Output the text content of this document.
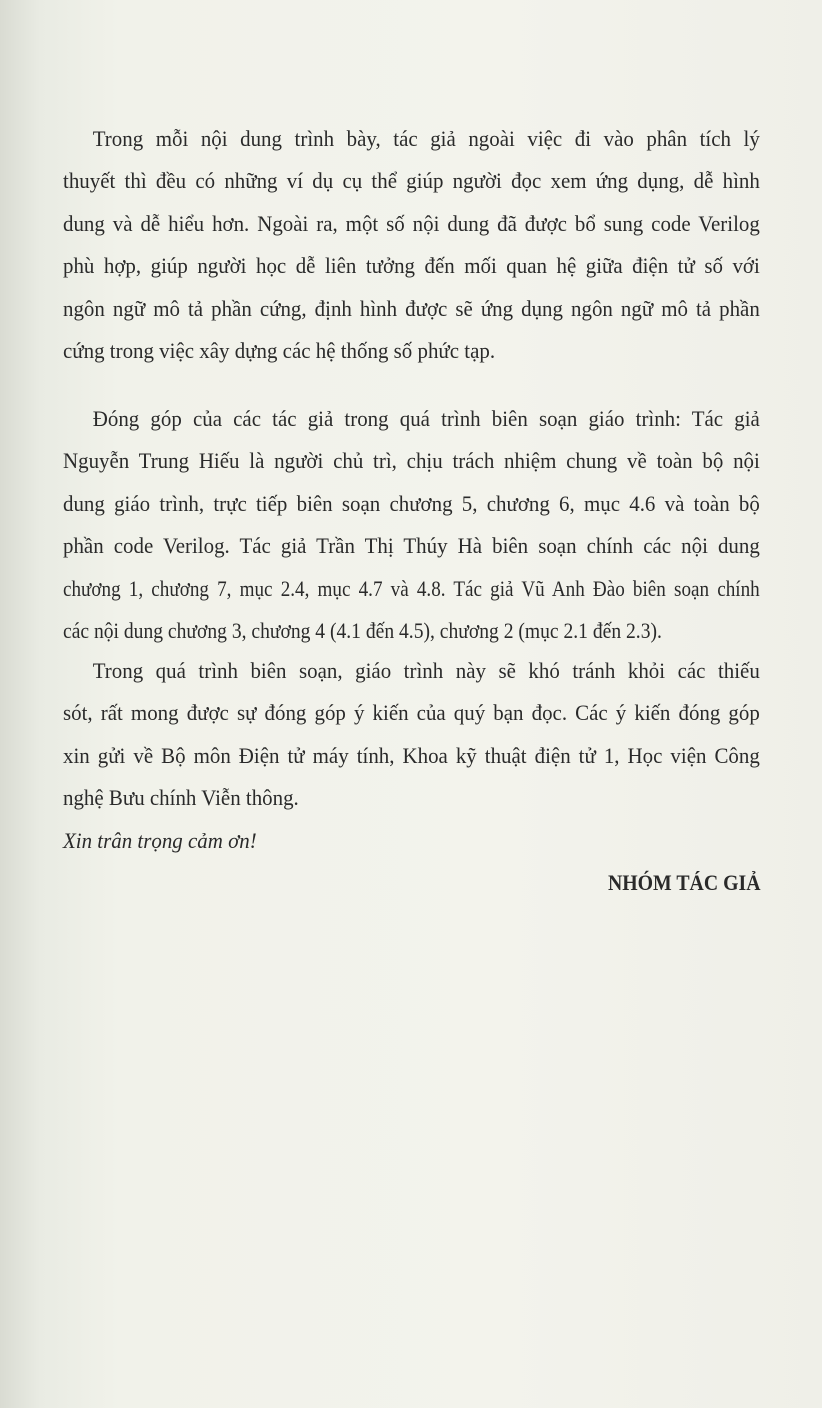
Trong mỗi nội dung trình bày, tác giả ngoài việc đi vào phân tích lý
thuyết thì đều có những ví dụ cụ thể giúp người đọc xem ứng dụng, dễ hình
dung và dễ hiểu hơn. Ngoài ra, một số nội dung đã được bổ sung code Verilog
phù hợp, giúp người học dễ liên tưởng đến mối quan hệ giữa điện tử số với
ngôn ngữ mô tả phần cứng, định hình được sẽ ứng dụng ngôn ngữ mô tả phần
cứng trong việc xây dựng các hệ thống số phức tạp.
Đóng góp của các tác giả trong quá trình biên soạn giáo trình: Tác giả
Nguyễn Trung Hiếu là người chủ trì, chịu trách nhiệm chung về toàn bộ nội
dung giáo trình, trực tiếp biên soạn chương 5, chương 6, mục 4.6 và toàn bộ
phần code Verilog. Tác giả Trần Thị Thúy Hà biên soạn chính các nội dung
chương 1, chương 7, mục 2.4, mục 4.7 và 4.8. Tác giả Vũ Anh Đào biên soạn chính
các nội dung chương 3, chương 4 (4.1 đến 4.5), chương 2 (mục 2.1 đến 2.3).
Trong quá trình biên soạn, giáo trình này sẽ khó tránh khỏi các thiếu
sót, rất mong được sự đóng góp ý kiến của quý bạn đọc. Các ý kiến đóng góp
xin gửi về Bộ môn Điện tử máy tính, Khoa kỹ thuật điện tử 1, Học viện Công
nghệ Bưu chính Viễn thông.
Xin trân trọng cảm ơn!
NHÓM TÁC GIẢ
